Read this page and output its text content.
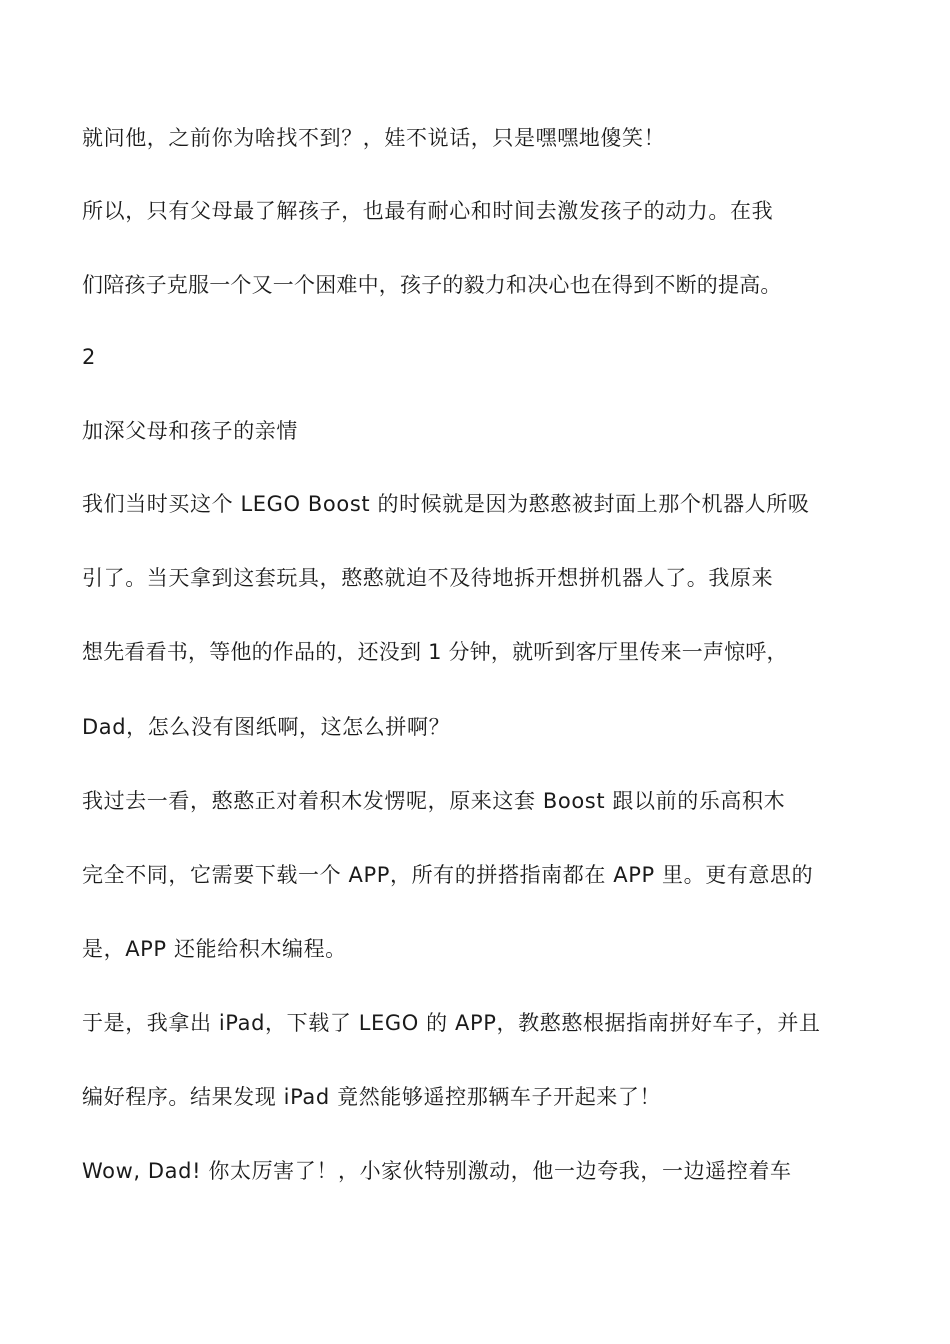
就问他，之前你为啥找不到？，娃不说话，只是嘿嘿地傻笑！
所以，只有父母最了解孩子，也最有耐心和时间去激发孩子的动力。在我
们陪孩子克服一个又一个困难中，孩子的毅力和决心也在得到不断的提高。
2
加深父母和孩子的亲情
我们当时买这个 LEGO Boost 的时候就是因为憨憨被封面上那个机器人所吸
引了。当天拿到这套玩具，憨憨就迫不及待地拆开想拼机器人了。我原来
想先看看书，等他的作品的，还没到 1 分钟，就听到客厅里传来一声惊呼，
Dad，怎么没有图纸啊，这怎么拼啊？
我过去一看，憨憨正对着积木发愣呢，原来这套 Boost 跟以前的乐高积木
完全不同，它需要下载一个 APP，所有的拼搭指南都在 APP 里。更有意思的
是，APP 还能给积木编程。
于是，我拿出 iPad，下载了 LEGO 的 APP，教憨憨根据指南拼好车子，并且
编好程序。结果发现 iPad 竟然能够遥控那辆车子开起来了！
Wow, Dad! 你太厉害了！，小家伙特别激动，他一边夸我，一边遥控着车
